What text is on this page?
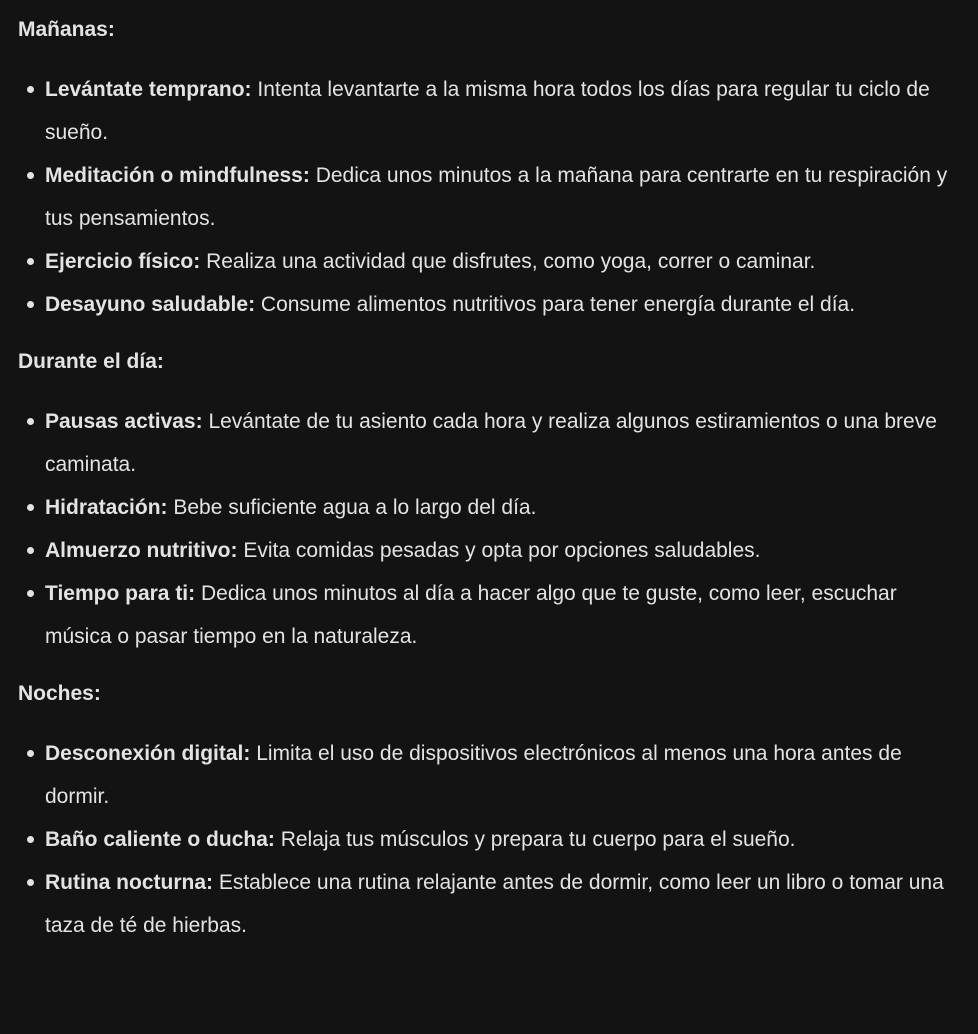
Mañanas:

Levántate temprano: Intenta levantarte a la misma hora todos los días para regular tu ciclo de sueño.
Meditación o mindfulness: Dedica unos minutos a la mañana para centrarte en tu respiración y tus pensamientos.
Ejercicio físico: Realiza una actividad que disfrutes, como yoga, correr o caminar.
Desayuno saludable: Consume alimentos nutritivos para tener energía durante el día.

Durante el día:

Pausas activas: Levántate de tu asiento cada hora y realiza algunos estiramientos o una breve caminata.
Hidratación: Bebe suficiente agua a lo largo del día.
Almuerzo nutritivo: Evita comidas pesadas y opta por opciones saludables.
Tiempo para ti: Dedica unos minutos al día a hacer algo que te guste, como leer, escuchar música o pasar tiempo en la naturaleza.

Noches:

Desconexión digital: Limita el uso de dispositivos electrónicos al menos una hora antes de dormir.
Baño caliente o ducha: Relaja tus músculos y prepara tu cuerpo para el sueño.
Rutina nocturna: Establece una rutina relajante antes de dormir, como leer un libro o tomar una taza de té de hierbas.
